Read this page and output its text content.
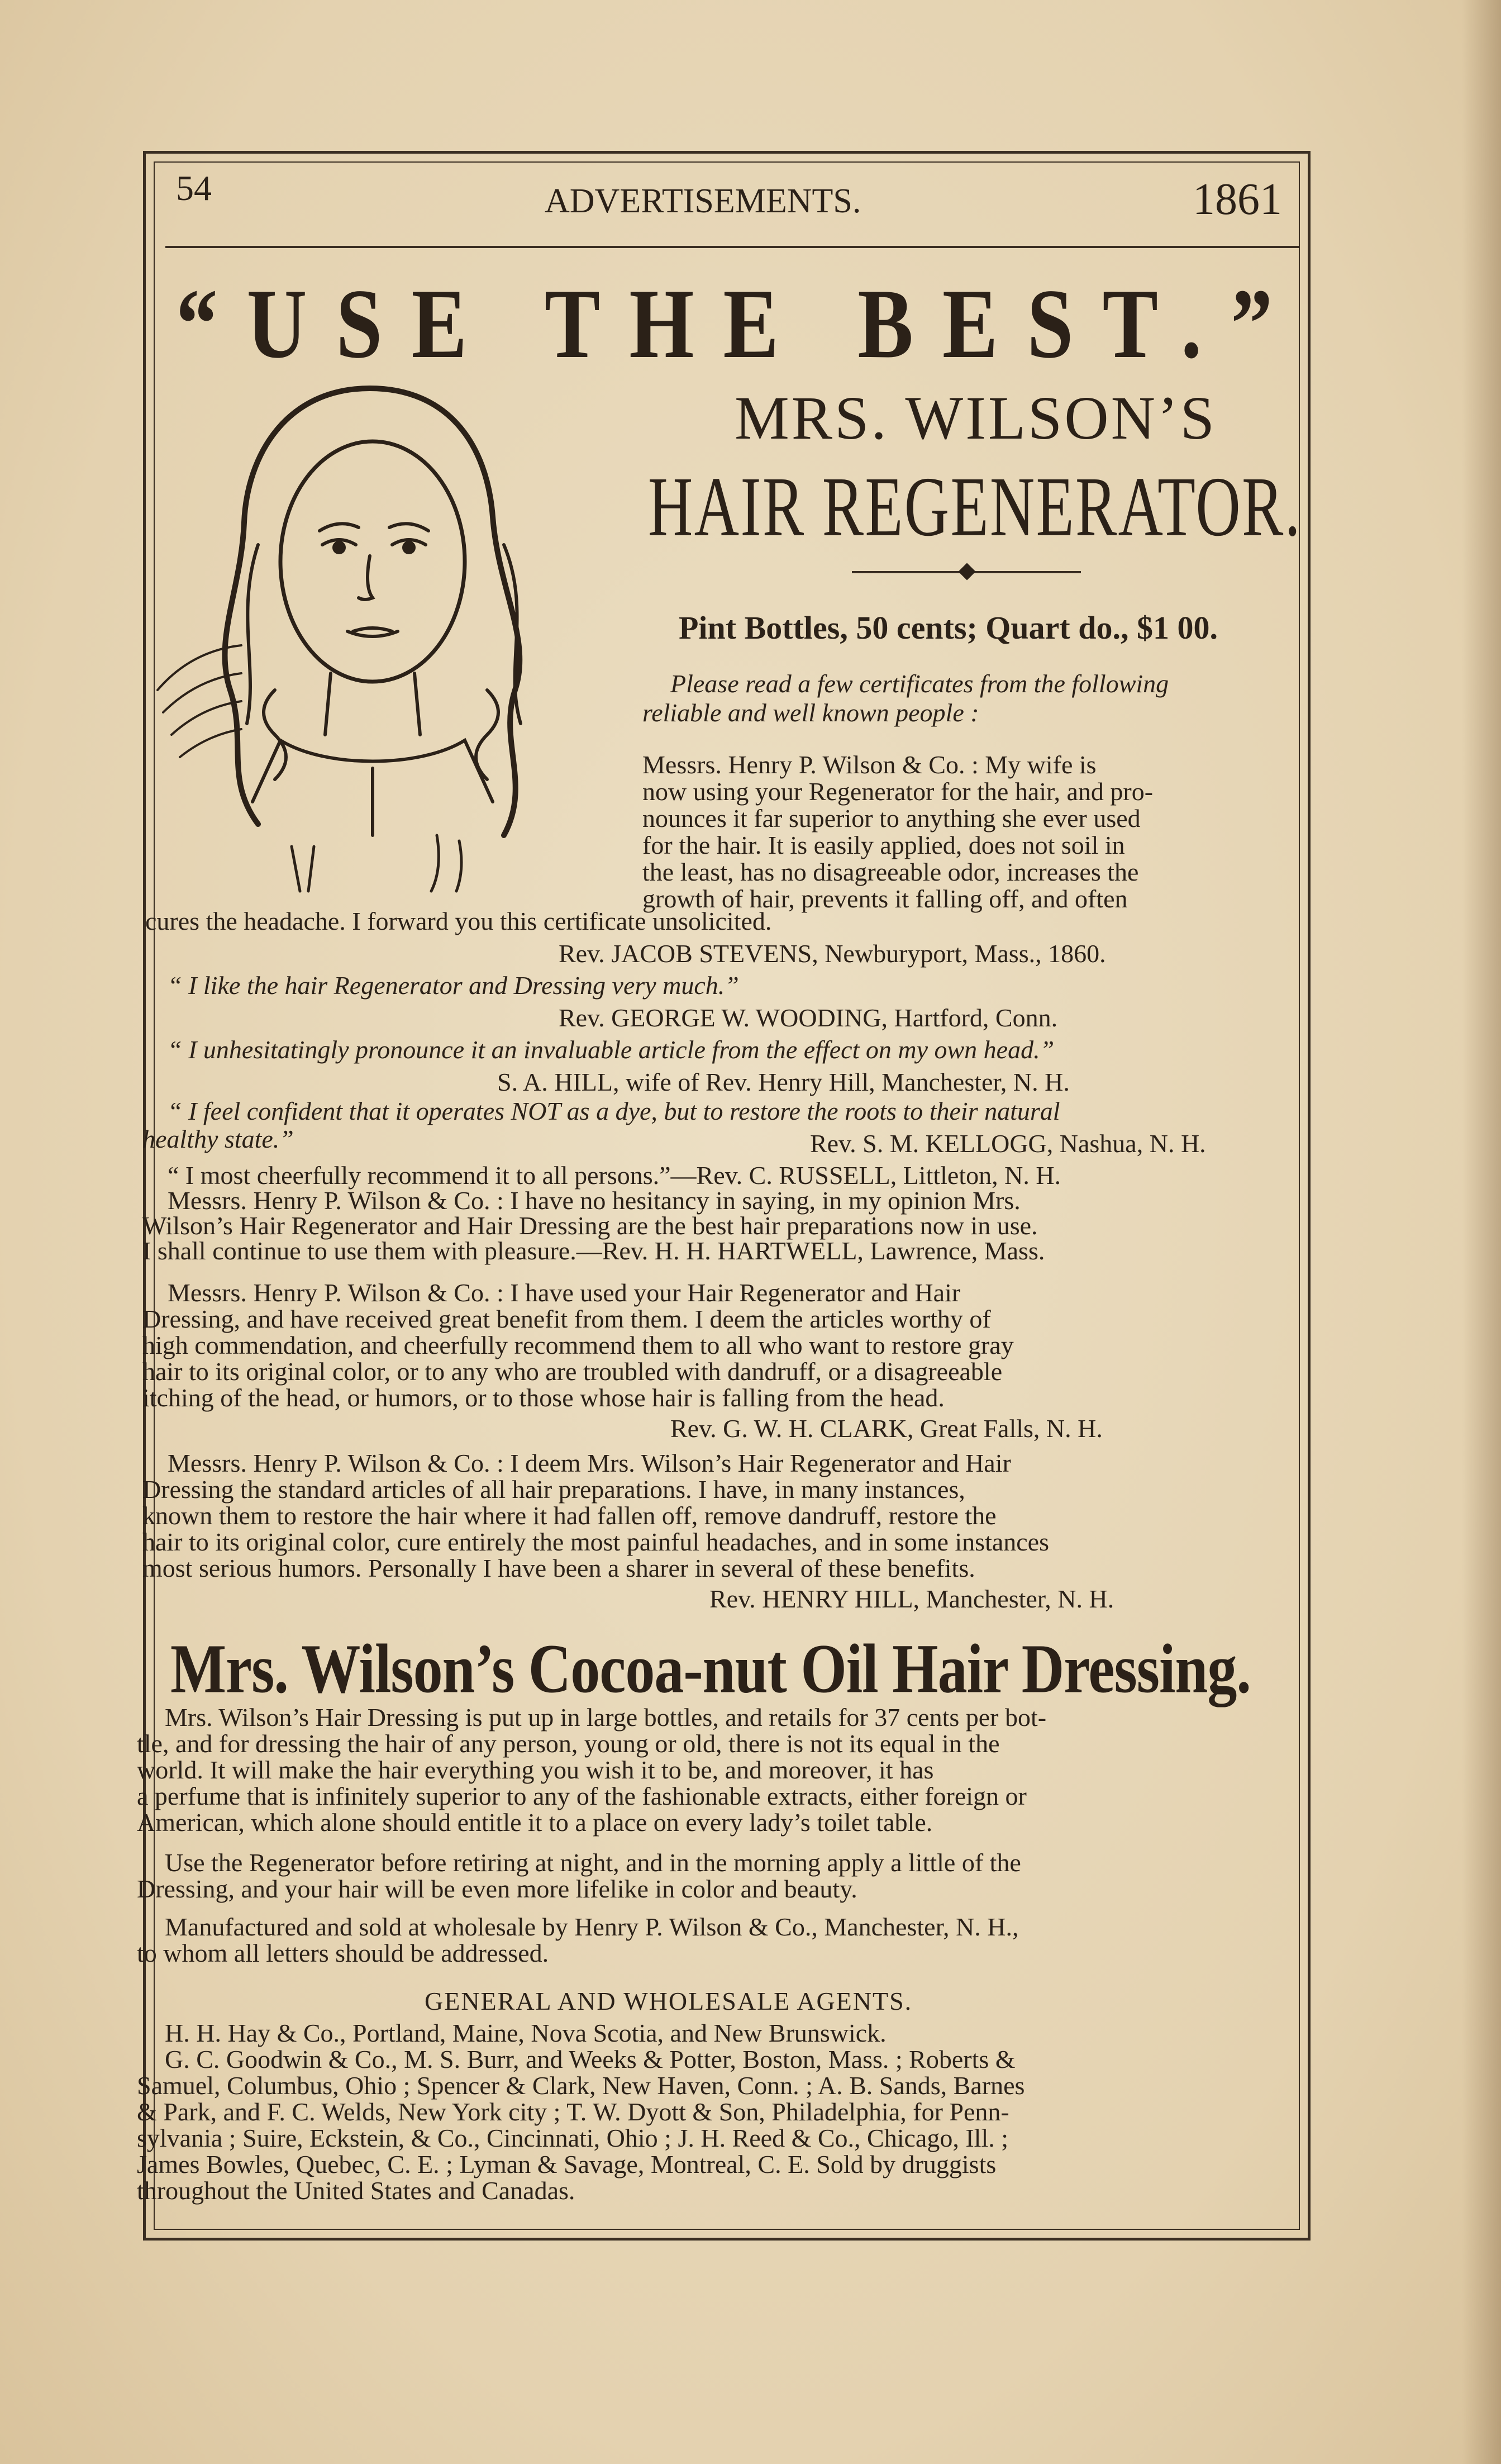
54	ADVERTISEMENTS.	1861
“USE THE BEST.”
MRS. WILSON’S
HAIR REGENERATOR.
Pint Bottles, 50 cents; Quart do., $1 00.
Please read a few certificates from the following
reliable and well known people :
Messrs. Henry P. Wilson & Co. : My wife is
now using your Regenerator for the hair, and pro-
nounces it far superior to anything she ever used
for the hair. It is easily applied, does not soil in
the least, has no disagreeable odor, increases the
growth of hair, prevents it falling off, and often
cures the headache. I forward you this certificate unsolicited.
Rev. JACOB STEVENS, Newburyport, Mass., 1860.
“ I like the hair Regenerator and Dressing very much.”
Rev. GEORGE W. WOODING, Hartford, Conn.
“ I unhesitatingly pronounce it an invaluable article from the effect on my own head.”
S. A. HILL, wife of Rev. Henry Hill, Manchester, N. H.
“ I feel confident that it operates NOT as a dye, but to restore the roots to their natural
healthy state.”	Rev. S. M. KELLOGG, Nashua, N. H.
“ I most cheerfully recommend it to all persons.”—Rev. C. RUSSELL, Littleton, N. H.
Messrs. Henry P. Wilson & Co. : I have no hesitancy in saying, in my opinion Mrs.
Wilson’s Hair Regenerator and Hair Dressing are the best hair preparations now in use.
I shall continue to use them with pleasure.—Rev. H. H. HARTWELL, Lawrence, Mass.
Messrs. Henry P. Wilson & Co. : I have used your Hair Regenerator and Hair
Dressing, and have received great benefit from them. I deem the articles worthy of
high commendation, and cheerfully recommend them to all who want to restore gray
hair to its original color, or to any who are troubled with dandruff, or a disagreeable
itching of the head, or humors, or to those whose hair is falling from the head.
Rev. G. W. H. CLARK, Great Falls, N. H.
Messrs. Henry P. Wilson & Co. : I deem Mrs. Wilson’s Hair Regenerator and Hair
Dressing the standard articles of all hair preparations. I have, in many instances,
known them to restore the hair where it had fallen off, remove dandruff, restore the
hair to its original color, cure entirely the most painful headaches, and in some instances
most serious humors. Personally I have been a sharer in several of these benefits.
Rev. HENRY HILL, Manchester, N. H.
Mrs. Wilson’s Cocoa-nut Oil Hair Dressing.
Mrs. Wilson’s Hair Dressing is put up in large bottles, and retails for 37 cents per bot-
tle, and for dressing the hair of any person, young or old, there is not its equal in the
world. It will make the hair everything you wish it to be, and moreover, it has
a perfume that is infinitely superior to any of the fashionable extracts, either foreign or
American, which alone should entitle it to a place on every lady’s toilet table.
Use the Regenerator before retiring at night, and in the morning apply a little of the
Dressing, and your hair will be even more lifelike in color and beauty.
Manufactured and sold at wholesale by Henry P. Wilson & Co., Manchester, N. H.,
to whom all letters should be addressed.
GENERAL AND WHOLESALE AGENTS.
H. H. Hay & Co., Portland, Maine, Nova Scotia, and New Brunswick.
G. C. Goodwin & Co., M. S. Burr, and Weeks & Potter, Boston, Mass. ; Roberts &
Samuel, Columbus, Ohio ; Spencer & Clark, New Haven, Conn. ; A. B. Sands, Barnes
& Park, and F. C. Welds, New York city ; T. W. Dyott & Son, Philadelphia, for Penn-
sylvania ; Suire, Eckstein, & Co., Cincinnati, Ohio ; J. H. Reed & Co., Chicago, Ill. ;
James Bowles, Quebec, C. E. ; Lyman & Savage, Montreal, C. E. Sold by druggists
throughout the United States and Canadas.
